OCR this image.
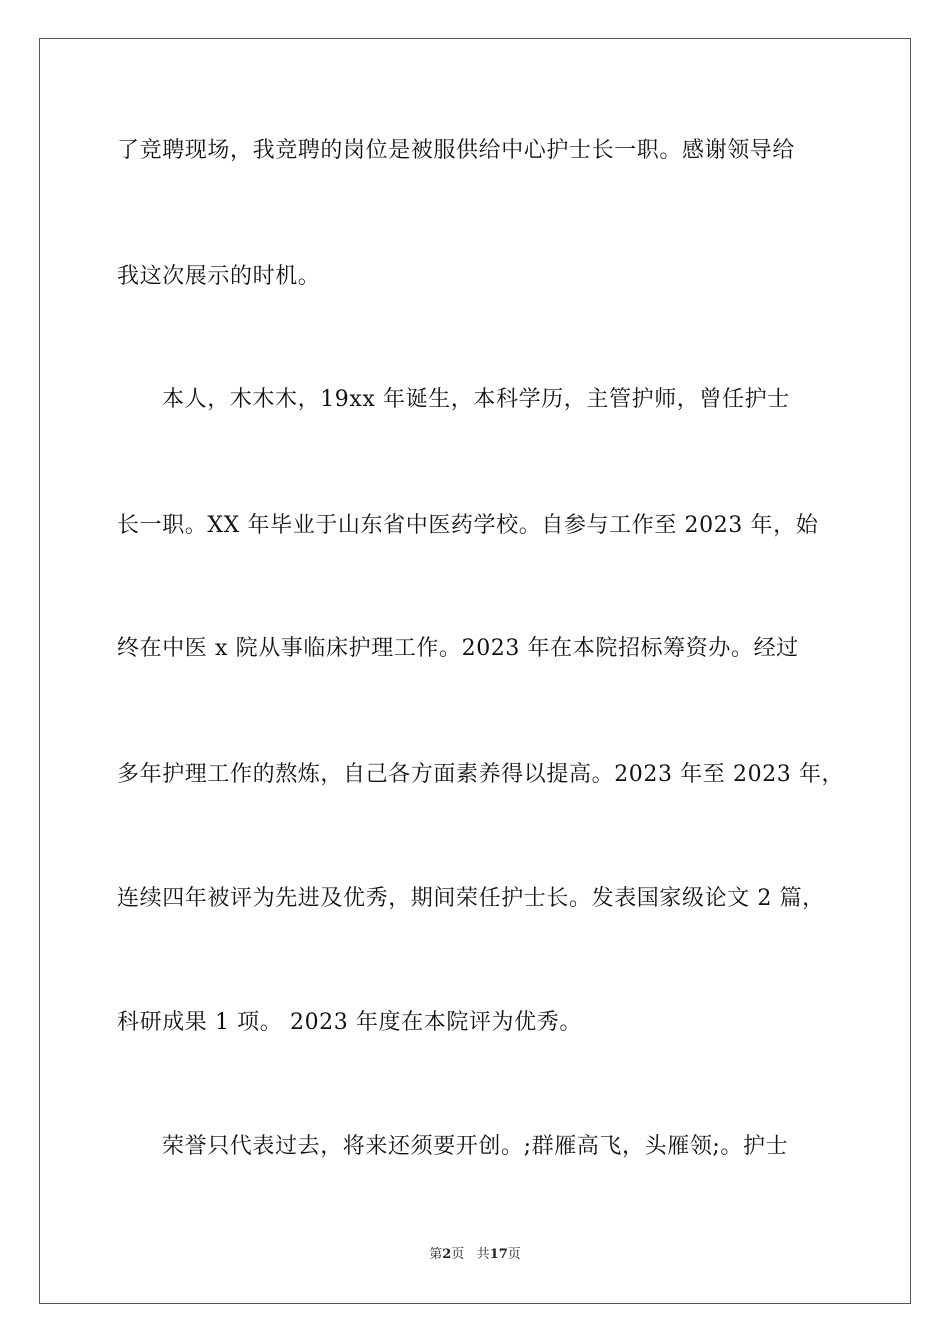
了竞聘现场，我竞聘的岗位是被服供给中心护士长一职。感谢领导给
我这次展示的时机。
本人，木木木，19xx 年诞生，本科学历，主管护师，曾任护士
长一职。XX 年毕业于山东省中医药学校。自参与工作至 2023 年，始
终在中医 x 院从事临床护理工作。2023 年在本院招标筹资办。经过
多年护理工作的熬炼，自己各方面素养得以提高。2023 年至 2023 年，
连续四年被评为先进及优秀，期间荣任护士长。发表国家级论文 2 篇，
科研成果 1 项。 2023 年度在本院评为优秀。
荣誉只代表过去，将来还须要开创。;群雁高飞，头雁领;。护士
第2页 共17页
